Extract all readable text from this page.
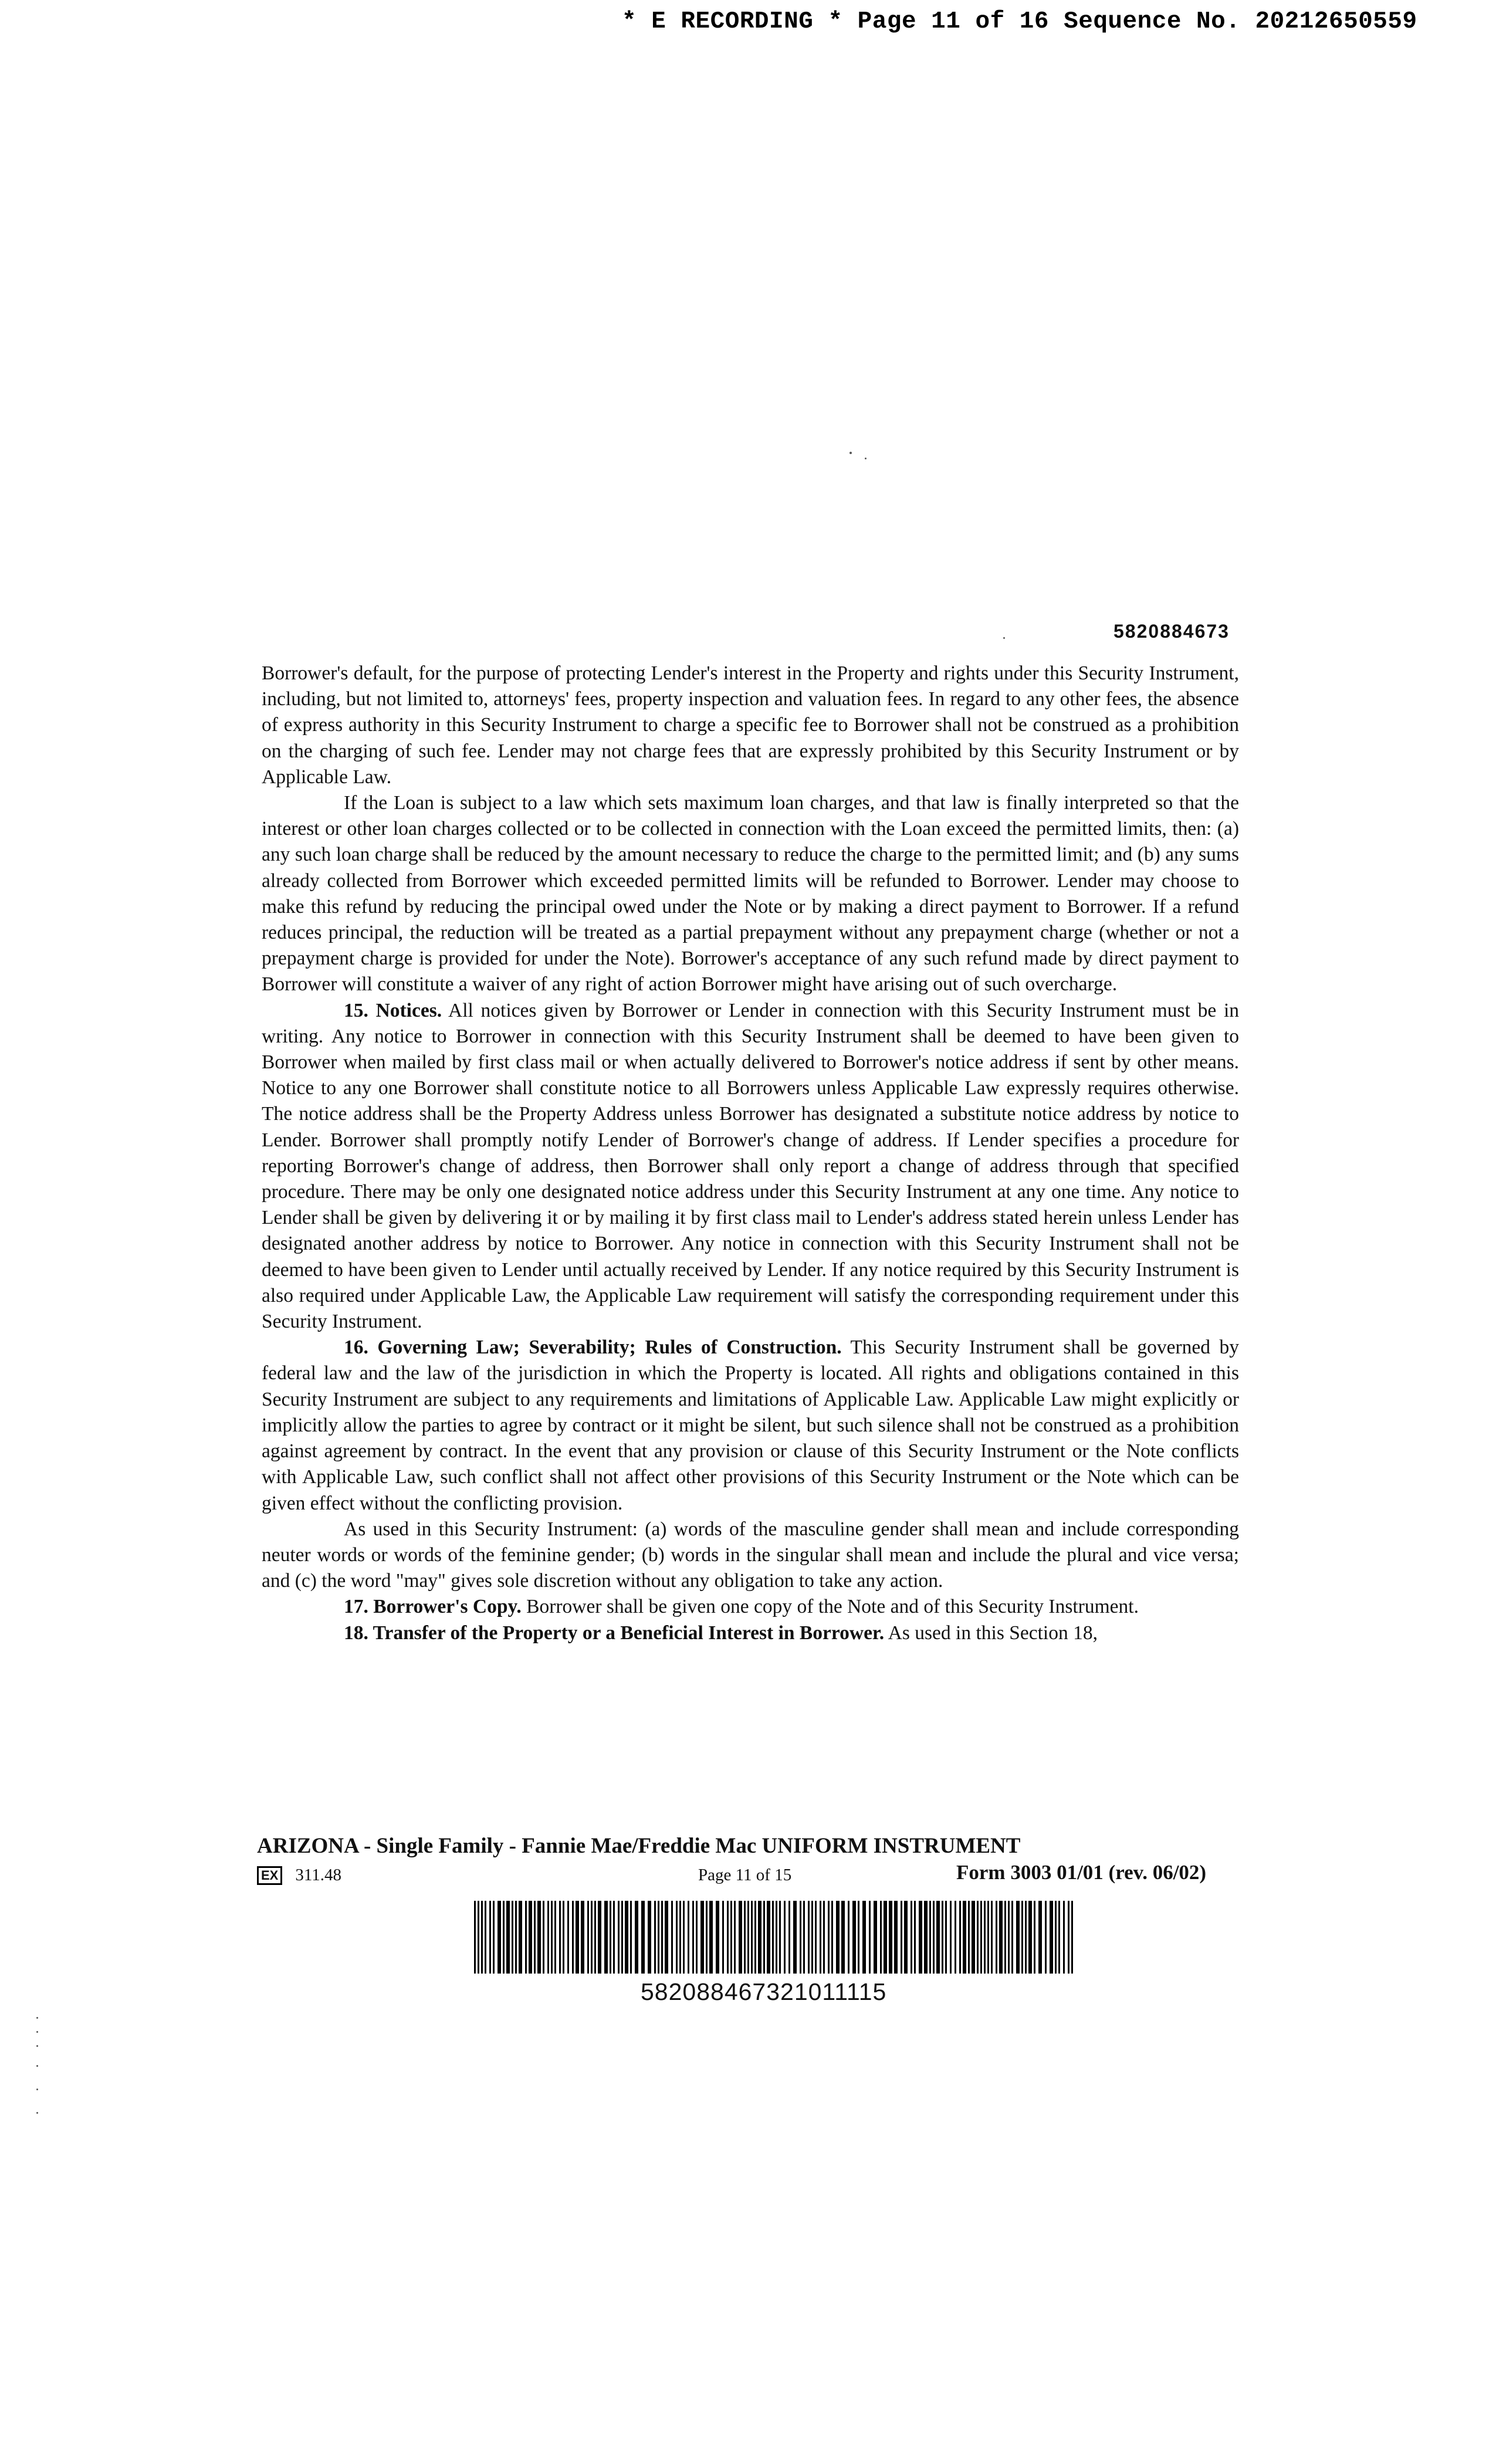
* E RECORDING * Page 11 of 16 Sequence No. 20212650559
5820884673

Borrower's default, for the purpose of protecting Lender's interest in the Property and rights under this Security Instrument, including, but not limited to, attorneys' fees, property inspection and valuation fees. In regard to any other fees, the absence of express authority in this Security Instrument to charge a specific fee to Borrower shall not be construed as a prohibition on the charging of such fee. Lender may not charge fees that are expressly prohibited by this Security Instrument or by Applicable Law.

If the Loan is subject to a law which sets maximum loan charges, and that law is finally interpreted so that the interest or other loan charges collected or to be collected in connection with the Loan exceed the permitted limits, then: (a) any such loan charge shall be reduced by the amount necessary to reduce the charge to the permitted limit; and (b) any sums already collected from Borrower which exceeded permitted limits will be refunded to Borrower. Lender may choose to make this refund by reducing the principal owed under the Note or by making a direct payment to Borrower. If a refund reduces principal, the reduction will be treated as a partial prepayment without any prepayment charge (whether or not a prepayment charge is provided for under the Note). Borrower's acceptance of any such refund made by direct payment to Borrower will constitute a waiver of any right of action Borrower might have arising out of such overcharge.

15. Notices. All notices given by Borrower or Lender in connection with this Security Instrument must be in writing. Any notice to Borrower in connection with this Security Instrument shall be deemed to have been given to Borrower when mailed by first class mail or when actually delivered to Borrower's notice address if sent by other means. Notice to any one Borrower shall constitute notice to all Borrowers unless Applicable Law expressly requires otherwise. The notice address shall be the Property Address unless Borrower has designated a substitute notice address by notice to Lender. Borrower shall promptly notify Lender of Borrower's change of address. If Lender specifies a procedure for reporting Borrower's change of address, then Borrower shall only report a change of address through that specified procedure. There may be only one designated notice address under this Security Instrument at any one time. Any notice to Lender shall be given by delivering it or by mailing it by first class mail to Lender's address stated herein unless Lender has designated another address by notice to Borrower. Any notice in connection with this Security Instrument shall not be deemed to have been given to Lender until actually received by Lender. If any notice required by this Security Instrument is also required under Applicable Law, the Applicable Law requirement will satisfy the corresponding requirement under this Security Instrument.

16. Governing Law; Severability; Rules of Construction. This Security Instrument shall be governed by federal law and the law of the jurisdiction in which the Property is located. All rights and obligations contained in this Security Instrument are subject to any requirements and limitations of Applicable Law. Applicable Law might explicitly or implicitly allow the parties to agree by contract or it might be silent, but such silence shall not be construed as a prohibition against agreement by contract. In the event that any provision or clause of this Security Instrument or the Note conflicts with Applicable Law, such conflict shall not affect other provisions of this Security Instrument or the Note which can be given effect without the conflicting provision.

As used in this Security Instrument: (a) words of the masculine gender shall mean and include corresponding neuter words or words of the feminine gender; (b) words in the singular shall mean and include the plural and vice versa; and (c) the word "may" gives sole discretion without any obligation to take any action.

17. Borrower's Copy. Borrower shall be given one copy of the Note and of this Security Instrument.

18. Transfer of the Property or a Beneficial Interest in Borrower. As used in this Section 18,

ARIZONA - Single Family - Fannie Mae/Freddie Mac UNIFORM INSTRUMENT
EX 311.48	Page 11 of 15	Form 3003 01/01 (rev. 06/02)
582088467321011115
